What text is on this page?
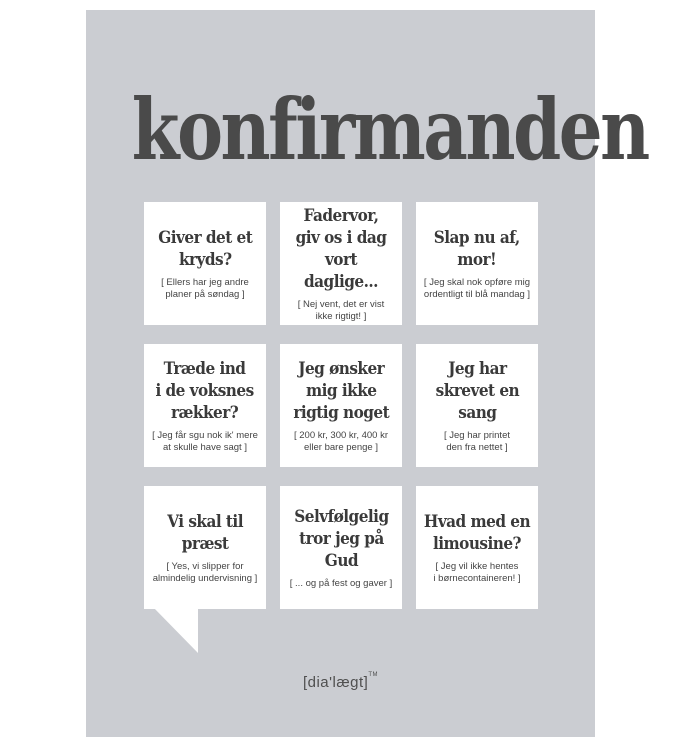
konfirmanden
Giver det et
kryds?
[ Ellers har jeg andre
planer på søndag ]
Fadervor,
giv os i dag
vort daglige...
[ Nej vent, det er vist
ikke rigtigt! ]
Slap nu af,
mor!
[ Jeg skal nok opføre mig
ordentligt til blå mandag ]
Træde ind
i de voksnes
rækker?
[ Jeg får sgu nok ik' mere
at skulle have sagt ]
Jeg ønsker
mig ikke
rigtig noget
[ 200 kr, 300 kr, 400 kr
eller bare penge ]
Jeg har
skrevet en
sang
[ Jeg har printet
den fra nettet ]
Vi skal til
præst
[ Yes, vi slipper for
almindelig undervisning ]
Selvfølgelig
tror jeg på
Gud
[ ... og på fest og gaver ]
Hvad med en
limousine?
[ Jeg vil ikke hentes
i børnecontaineren! ]
[dia'lægt]™
